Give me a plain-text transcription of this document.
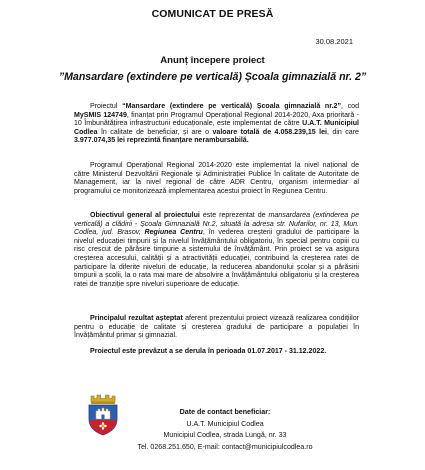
COMUNICAT DE PRESĂ
30.08.2021
Anunț începere proiect
”Mansardare (extindere pe verticală) Școala gimnazială nr. 2”

Proiectul “Mansardare (extindere pe verticală) Școala gimnazială nr.2”, cod MySMIS 124749, finanțat prin Programul Operațional Regional 2014-2020, Axa prioritară - 10 Îmbunătățirea infrastructurii educaționale, este implementat de către U.A.T. Municipiul Codlea în calitate de beneficiar, și are o valoare totală de 4.058.239,15 lei, din care 3.977.074,35 lei reprezintă finanțare nerambursabilă.

Programul Operațional Regional 2014-2020 este implementat la nivel național de către Ministerul Dezvoltării Regionale și Administrației Publice în calitate de Autoritate de Management, iar la nivel regional de către ADR Centru, organism intermediar al programului ce monitorizează implementarea acestui proiect în Regiunea Centru.

Obiectivul general al proiectului este reprezentat de mansardarea (extinderea pe verticală) a clădirii - Școala Gimnazială Nr.2, situată la adresa str. Nufarilor, nr. 13, Mun. Codlea, jud. Brasov, Regiunea Centru, în vederea creșterii gradului de participare la nivelul educației timpurii și la nivelul învățământului obligatoriu, în special pentru copiii cu risc crescut de părăsire timpurie a sistemului de învățământ. Prin proiect se va asigura creșterea accesului, calității și a atractivității educației, contribuind la creșterea ratei de participare la diferite niveluri de educație, la reducerea abandonului școlar și a părăsirii timpurii a școlii, la o rata mai mare de absolvire a învățământului obligatoriu și la creșterea ratei de tranziție spre niveluri superioare de educație.

Principalul rezultat așteptat aferent prezentului proiect vizează realizarea condițiilor pentru o educație de calitate și creșterea gradului de participare a populației în învățământul primar și gimnazial.

Proiectul este prevăzut a se derula în perioada 01.07.2017 - 31.12.2022.

Date de contact beneficiar:
U.A.T. Municipiul Codlea
Municipiul Codlea, strada Lungă, nr. 33
Tel. 0268.251.650, E-mail: contact@municipiulcodlea.ro
